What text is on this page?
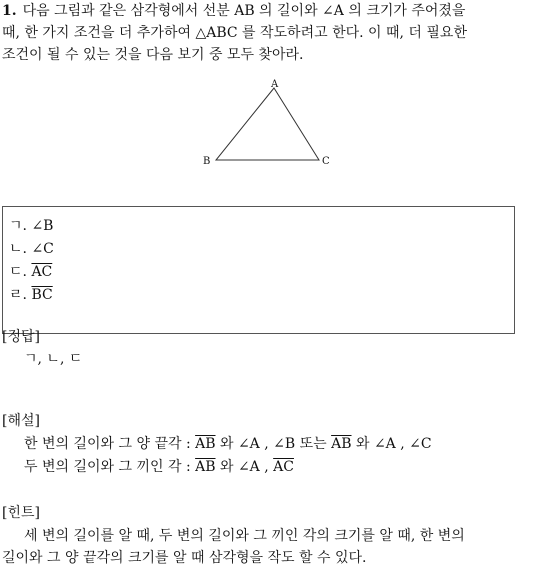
1. 다음 그림과 같은 삼각형에서 선분 AB 의 길이와 ∠A 의 크기가 주어졌을
때, 한 가지 조건을 더 추가하여 △ABC 를 작도하려고 한다. 이 때, 더 필요한
조건이 될 수 있는 것을 다음 보기 중 모두 찾아라.
A
B	C
ㄱ. ∠B
ㄴ. ∠C
ㄷ. $\overline{AC}$
ㄹ. $\overline{BC}$
[정답]
ㄱ, ㄴ, ㄷ
[해설]
한 변의 길이와 그 양 끝각 : $\overline{AB}$ 와 ∠A , ∠B 또는 $\overline{AB}$ 와 ∠A , ∠C
두 변의 길이와 그 끼인 각 : $\overline{AB}$ 와 ∠A , $\overline{AC}$
[힌트]
세 변의 길이를 알 때, 두 변의 길이와 그 끼인 각의 크기를 알 때, 한 변의
길이와 그 양 끝각의 크기를 알 때 삼각형을 작도 할 수 있다.
